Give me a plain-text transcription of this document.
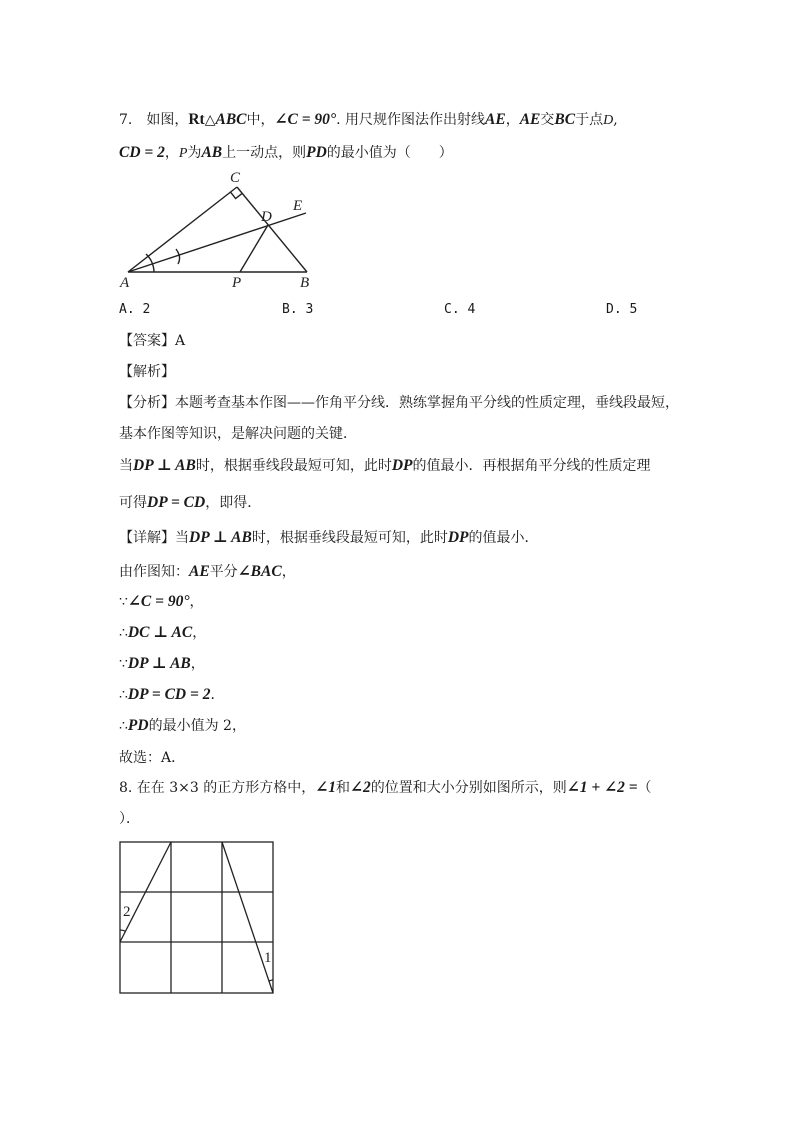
7. 如图，Rt△ABC中，∠C = 90°. 用尺规作图法作出射线AE，AE交BC于点D,
CD = 2，P为AB上一动点，则PD的最小值为（　　）
C
D
E
A	P	B
A. 2	B. 3	C. 4	D. 5
【答案】A
【解析】
【分析】本题考查基本作图——作角平分线．熟练掌握角平分线的性质定理，垂线段最短，
基本作图等知识，是解决问题的关键．
当DP ⊥ AB时，根据垂线段最短可知，此时DP的值最小．再根据角平分线的性质定理
可得DP = CD，即得．
【详解】当DP ⊥ AB时，根据垂线段最短可知，此时DP的值最小．
由作图知：AE平分∠BAC，
∵∠C = 90°，
∴DC ⊥ AC，
∵DP ⊥ AB，
∴DP = CD = 2．
∴PD的最小值为 2，
故选：A．
8. 在在 3×3 的正方形方格中，∠1和∠2的位置和大小分别如图所示，则∠1 + ∠2 =（
）．
2
1
